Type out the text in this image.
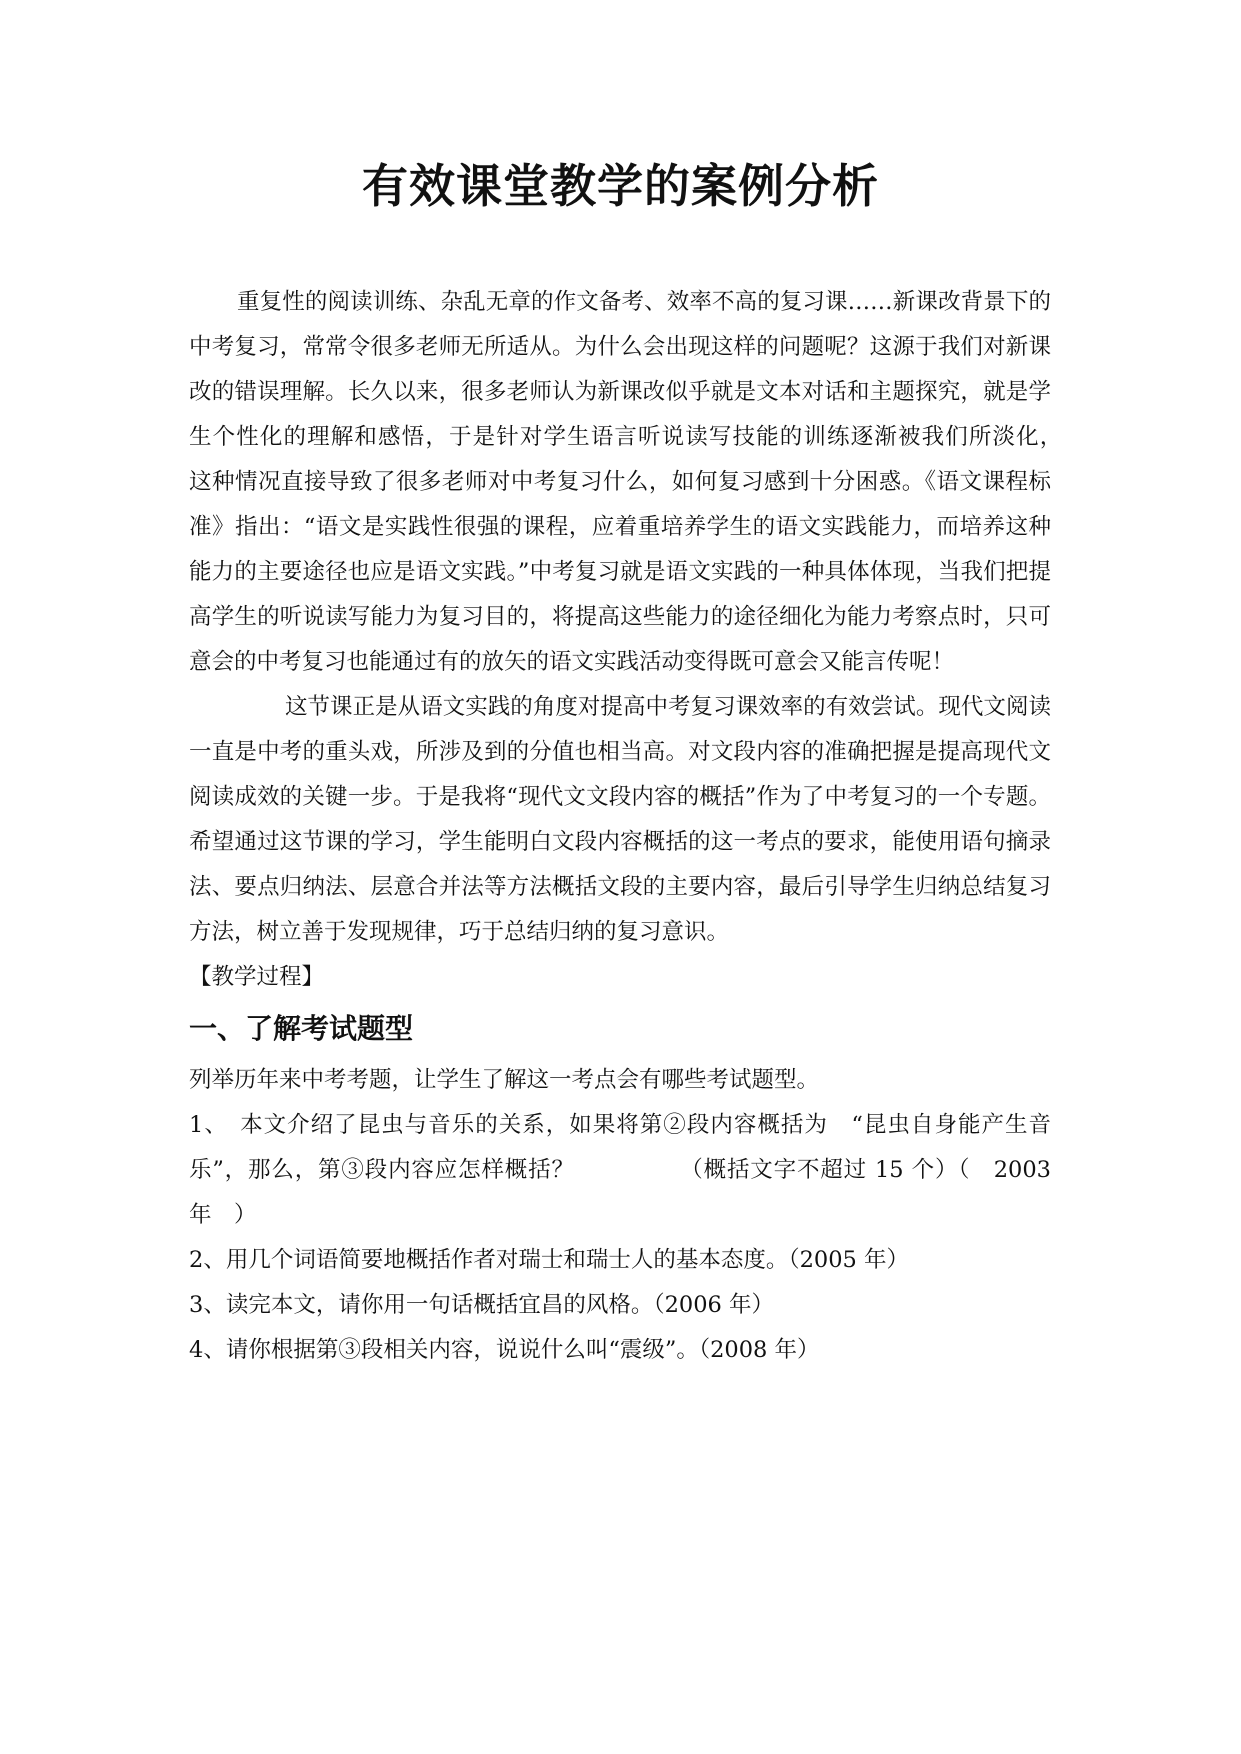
有效课堂教学的案例分析

重复性的阅读训练、杂乱无章的作文备考、效率不高的复习课……新课改背景下的中考复习，常常令很多老师无所适从。为什么会出现这样的问题呢？这源于我们对新课改的错误理解。长久以来，很多老师认为新课改似乎就是文本对话和主题探究，就是学生个性化的理解和感悟，于是针对学生语言听说读写技能的训练逐渐被我们所淡化，　　这种情况直接导致了很多老师对中考复习什么，如何复习感到十分困惑。《语文课程标准》指出：“语文是实践性很强的课程，应着重培养学生的语文实践能力，而培养这种能力的主要途径也应是语文实践。”中考复习就是语文实践的一种具体体现，当我们把提高学生的听说读写能力为复习目的，将提高这些能力的途径细化为能力考察点时，只可意会的中考复习也能通过有的放矢的语文实践活动变得既可意会又能言传呢！

这节课正是从语文实践的角度对提高中考复习课效率的有效尝试。现代文阅读一直是中考的重头戏，所涉及到的分值也相当高。对文段内容的准确把握是提高现代文阅读成效的关键一步。于是我将“现代文文段内容的概括”作为了中考复习的一个专题。希望通过这节课的学习，学生能明白文段内容概括的这一考点的要求，能使用语句摘录法、要点归纳法、层意合并法等方法概括文段的主要内容，最后引导学生归纳总结复习方法，树立善于发现规律，巧于总结归纳的复习意识。

【教学过程】

一、了解考试题型

列举历年来中考考题，让学生了解这一考点会有哪些考试题型。

1、　本文介绍了昆虫与音乐的关系，如果将第②段内容概括为　“昆虫自身能产生音乐”，那么，第③段内容应怎样概括？　　　　　（概括文字不超过 15 个）（　2003 年　）

2、用几个词语简要地概括作者对瑞士和瑞士人的基本态度。（2005 年）

3、读完本文，请你用一句话概括宜昌的风格。（2006 年）

4、请你根据第③段相关内容，说说什么叫“震级”。（2008 年）
